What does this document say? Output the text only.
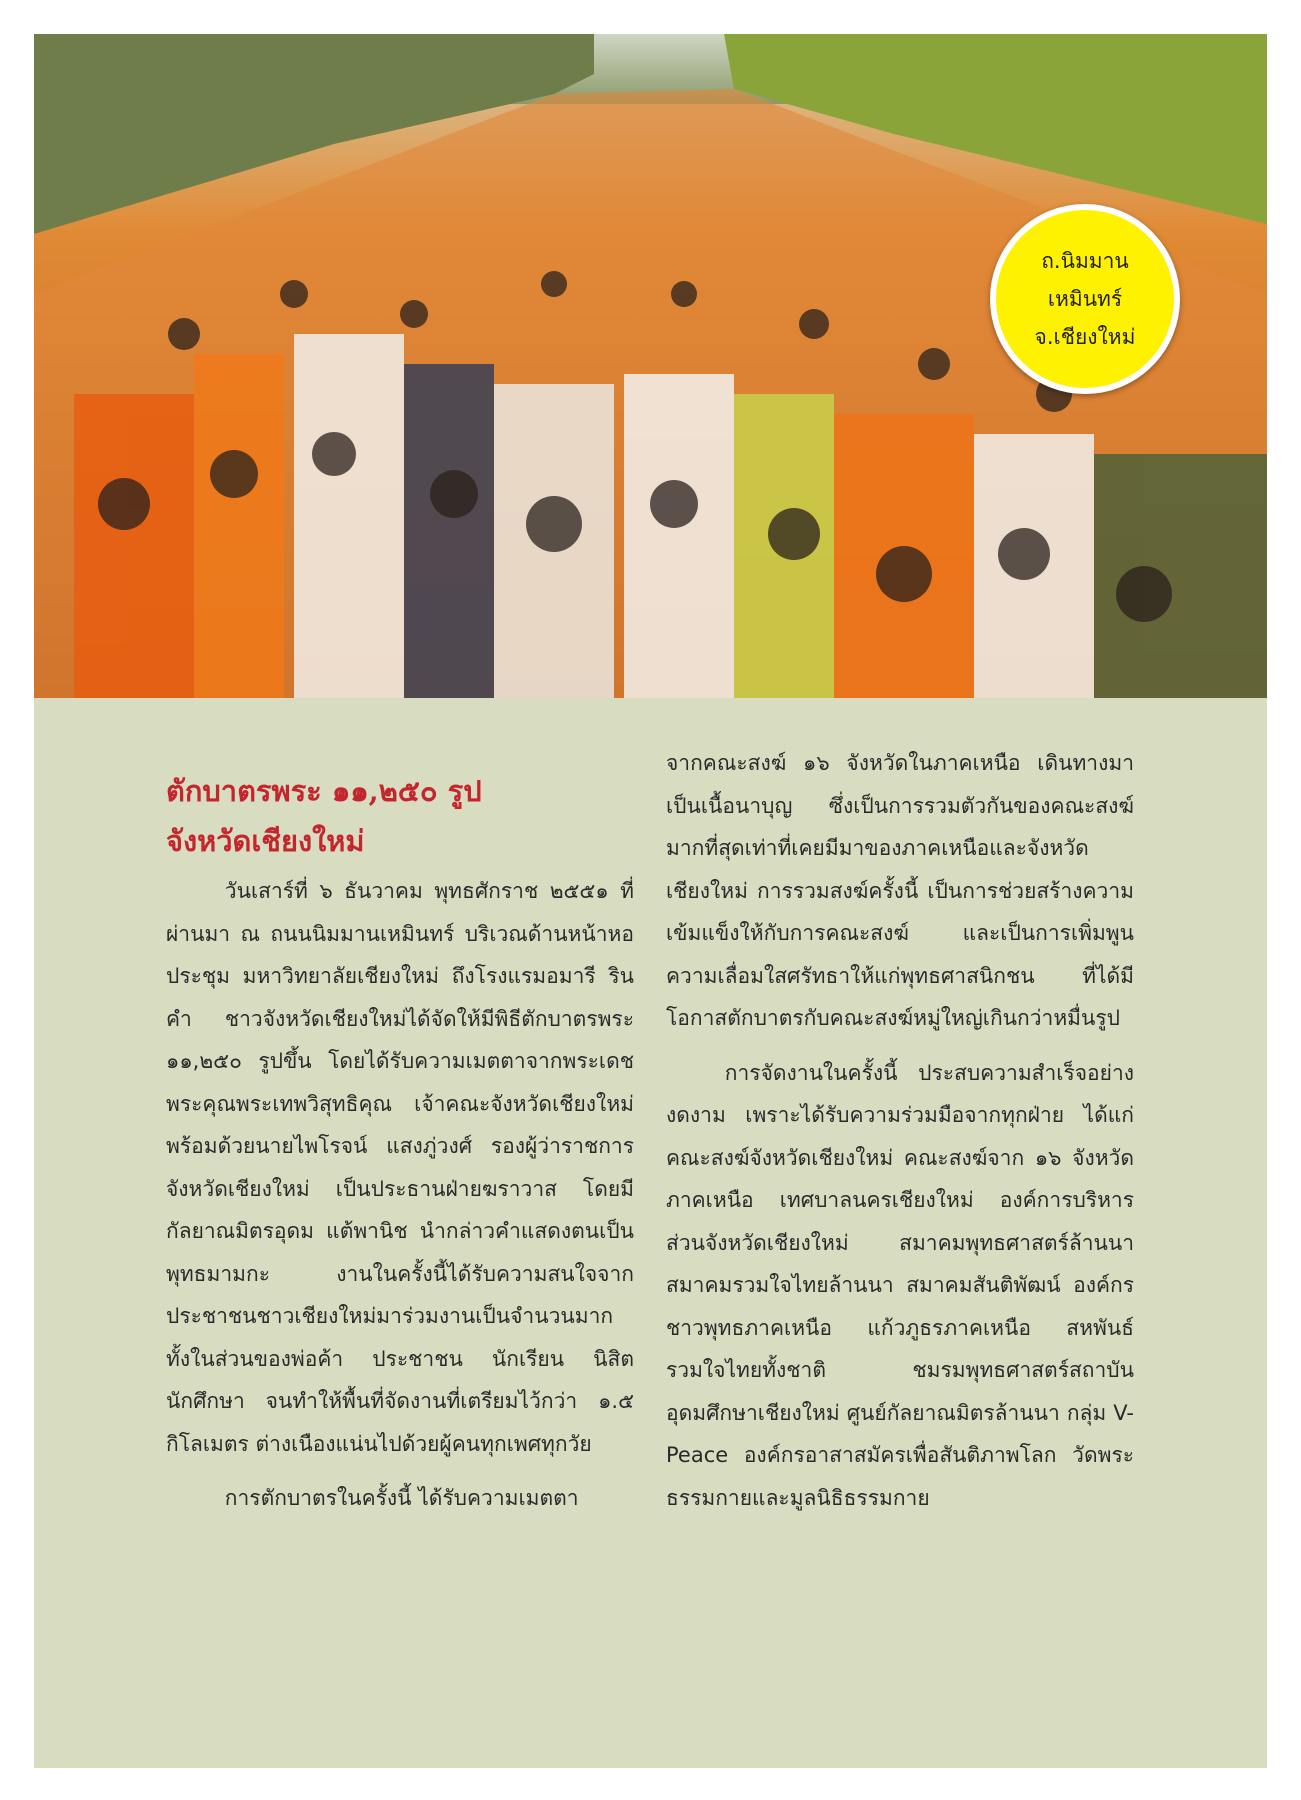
ถ.นิมมาน
เหมินทร์
จ.เชียงใหม่
ตักบาตรพระ ๑๑,๒๕๐ รูป
จังหวัดเชียงใหม่

วันเสาร์ที่ ๖ ธันวาคม พุทธศักราช ๒๕๕๑ ที่ผ่านมา ณ ถนนนิมมานเหมินทร์ บริเวณด้านหน้าหอประชุม มหาวิทยาลัยเชียงใหม่ ถึงโรงแรมอมารี รินคำ ชาวจังหวัดเชียงใหม่ได้จัดให้มีพิธีตักบาตรพระ ๑๑,๒๕๐ รูปขึ้น โดยได้รับความเมตตาจากพระเดชพระคุณพระเทพวิสุทธิคุณ เจ้าคณะจังหวัดเชียงใหม่ พร้อมด้วยนายไพโรจน์ แสงภู่วงศ์ รองผู้ว่าราชการจังหวัดเชียงใหม่ เป็นประธานฝ่ายฆราวาส โดยมีกัลยาณมิตรอุดม แต้พานิช นำกล่าวคำแสดงตนเป็นพุทธมามกะ งานในครั้งนี้ได้รับความสนใจจากประชาชนชาวเชียงใหม่มาร่วมงานเป็นจำนวนมาก ทั้งในส่วนของพ่อค้า ประชาชน นักเรียน นิสิต นักศึกษา จนทำให้พื้นที่จัดงานที่เตรียมไว้กว่า ๑.๕ กิโลเมตร ต่างเนืองแน่นไปด้วยผู้คนทุกเพศทุกวัย

การตักบาตรในครั้งนี้ ได้รับความเมตตา

จากคณะสงฆ์ ๑๖ จังหวัดในภาคเหนือ เดินทางมาเป็นเนื้อนาบุญ ซึ่งเป็นการรวมตัวกันของคณะสงฆ์มากที่สุดเท่าที่เคยมีมาของภาคเหนือและจังหวัดเชียงใหม่ การรวมสงฆ์ครั้งนี้ เป็นการช่วยสร้างความเข้มแข็งให้กับการคณะสงฆ์ และเป็นการเพิ่มพูนความเลื่อมใสศรัทธาให้แก่พุทธศาสนิกชน ที่ได้มีโอกาสตักบาตรกับคณะสงฆ์หมู่ใหญ่เกินกว่าหมื่นรูป

การจัดงานในครั้งนี้ ประสบความสำเร็จอย่างงดงาม เพราะได้รับความร่วมมือจากทุกฝ่าย ได้แก่ คณะสงฆ์จังหวัดเชียงใหม่ คณะสงฆ์จาก ๑๖ จังหวัดภาคเหนือ เทศบาลนครเชียงใหม่ องค์การบริหารส่วนจังหวัดเชียงใหม่ สมาคมพุทธศาสตร์ล้านนา สมาคมรวมใจไทยล้านนา สมาคมสันติพัฒน์ องค์กรชาวพุทธภาคเหนือ แก้วภูธรภาคเหนือ สหพันธ์รวมใจไทยทั้งชาติ ชมรมพุทธศาสตร์สถาบันอุดมศึกษาเชียงใหม่ ศูนย์กัลยาณมิตรล้านนา กลุ่ม V-Peace องค์กรอาสาสมัครเพื่อสันติภาพโลก วัดพระธรรมกายและมูลนิธิธรรมกาย
